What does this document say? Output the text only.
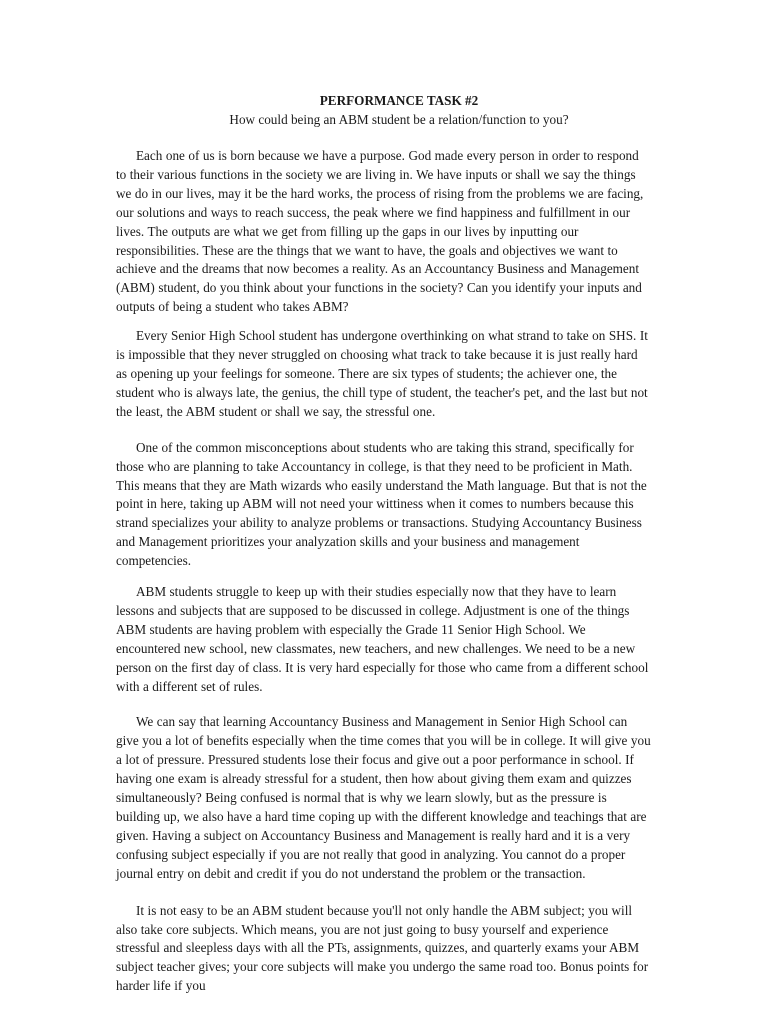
PERFORMANCE TASK #2

How could being an ABM student be a relation/function to you?

Each one of us is born because we have a purpose. God made every person in order to respond to their various functions in the society we are living in. We have inputs or shall we say the things we do in our lives, may it be the hard works, the process of rising from the problems we are facing, our solutions and ways to reach success, the peak where we find happiness and fulfillment in our lives. The outputs are what we get from filling up the gaps in our lives by inputting our responsibilities. These are the things that we want to have, the goals and objectives we want to achieve and the dreams that now becomes a reality. As an Accountancy Business and Management (ABM) student, do you think about your functions in the society? Can you identify your inputs and outputs of being a student who takes ABM?

Every Senior High School student has undergone overthinking on what strand to take on SHS. It is impossible that they never struggled on choosing what track to take because it is just really hard as opening up your feelings for someone. There are six types of students; the achiever one, the student who is always late, the genius, the chill type of student, the teacher's pet, and the last but not the least, the ABM student or shall we say, the stressful one.

One of the common misconceptions about students who are taking this strand, specifically for those who are planning to take Accountancy in college, is that they need to be proficient in Math. This means that they are Math wizards who easily understand the Math language. But that is not the point in here, taking up ABM will not need your wittiness when it comes to numbers because this strand specializes your ability to analyze problems or transactions. Studying Accountancy Business and Management prioritizes your analyzation skills and your business and management competencies.

ABM students struggle to keep up with their studies especially now that they have to learn lessons and subjects that are supposed to be discussed in college. Adjustment is one of the things ABM students are having problem with especially the Grade 11 Senior High School. We encountered new school, new classmates, new teachers, and new challenges. We need to be a new person on the first day of class. It is very hard especially for those who came from a different school with a different set of rules.

We can say that learning Accountancy Business and Management in Senior High School can give you a lot of benefits especially when the time comes that you will be in college. It will give you a lot of pressure. Pressured students lose their focus and give out a poor performance in school. If having one exam is already stressful for a student, then how about giving them exam and quizzes simultaneously? Being confused is normal that is why we learn slowly, but as the pressure is building up, we also have a hard time coping up with the different knowledge and teachings that are given. Having a subject on Accountancy Business and Management is really hard and it is a very confusing subject especially if you are not really that good in analyzing. You cannot do a proper journal entry on debit and credit if you do not understand the problem or the transaction.

It is not easy to be an ABM student because you'll not only handle the ABM subject; you will also take core subjects. Which means, you are not just going to busy yourself and experience stressful and sleepless days with all the PTs, assignments, quizzes, and quarterly exams your ABM subject teacher gives; your core subjects will make you undergo the same road too. Bonus points for harder life if you
